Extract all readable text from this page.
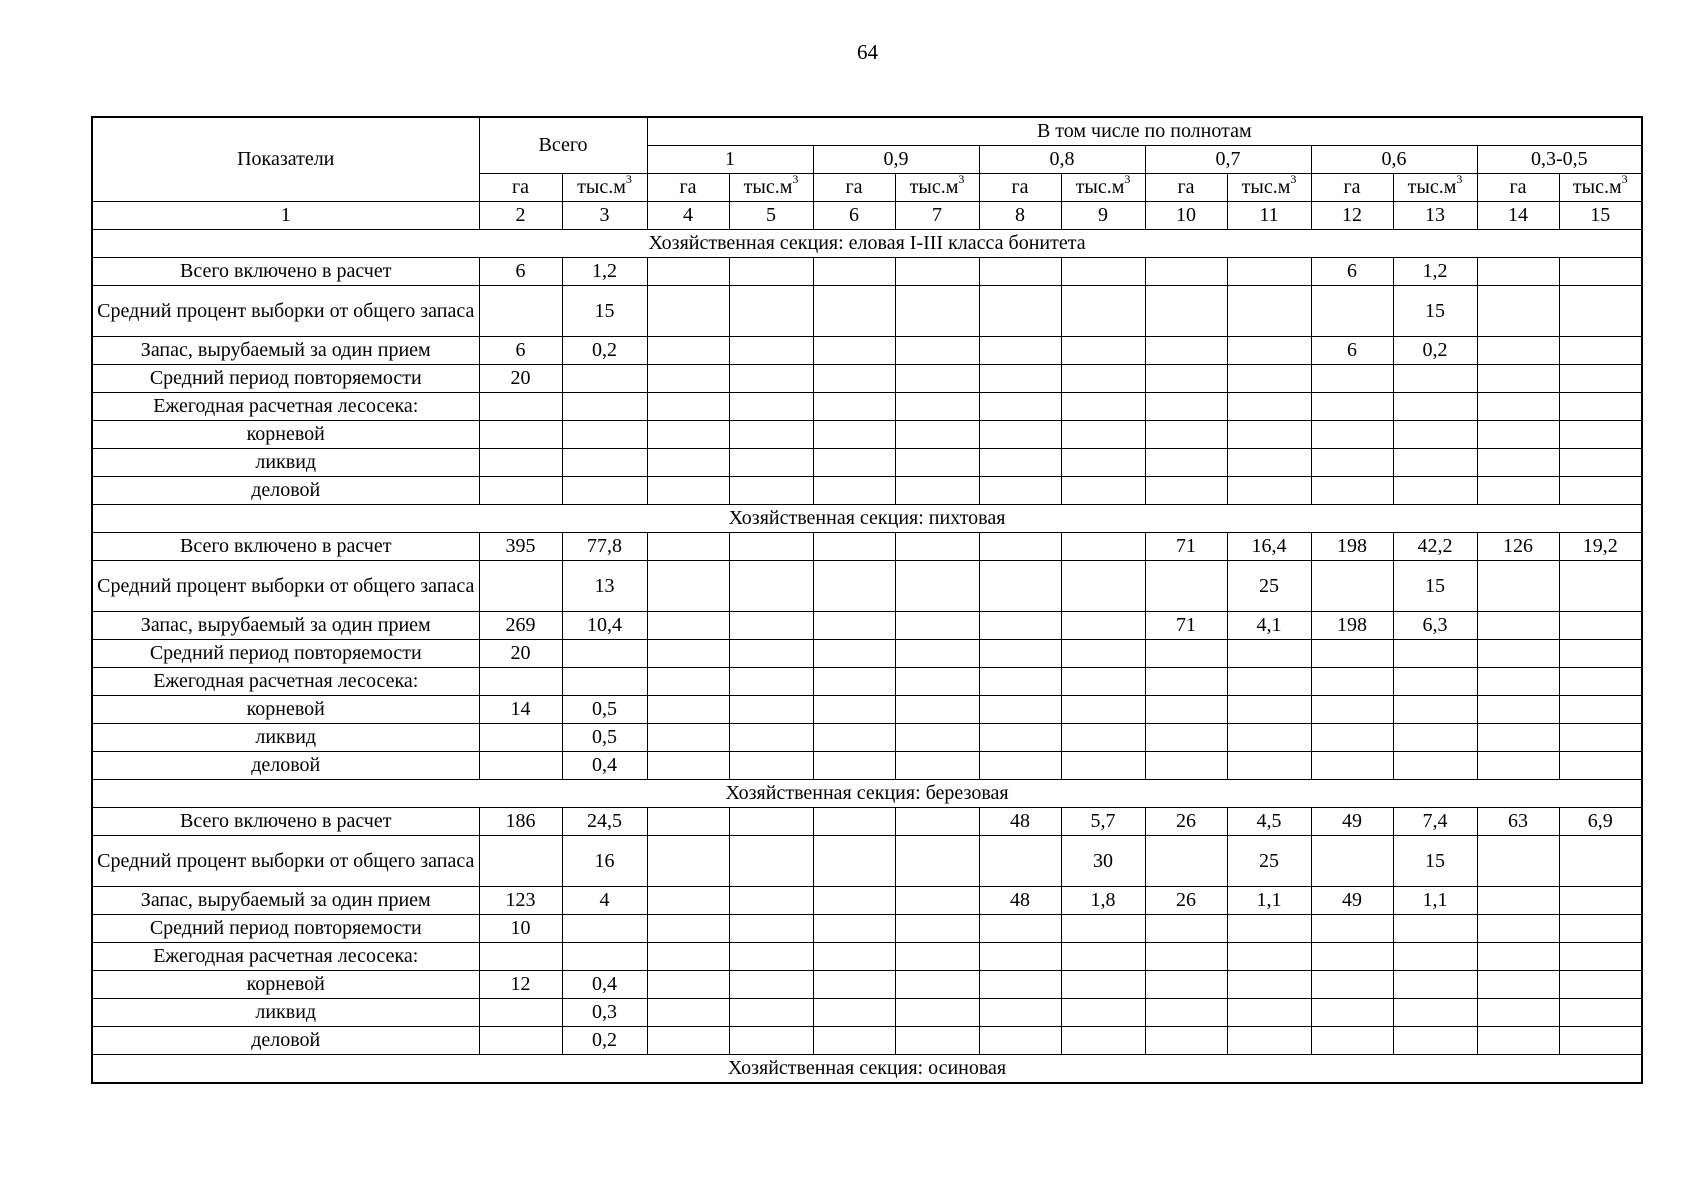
64
Показатели	Всего		В том числе по полнотам											
			1		0,9		0,8		0,7		0,6		0,3-0,5	
	га	$тыс.м^3$	га	$тыс.м^3$	га	$тыс.м^3$	га	$тыс.м^3$	га	$тыс.м^3$	га	$тыс.м^3$	га	$тыс.м^3$
1	2	3	4	5	6	7	8	9	10	11	12	13	14	15
Хозяйственная секция: еловая I-III класса бонитета														
Всего включено в расчет	6	1,2									6	1,2		
Средний процент выборки от общего запаса		15										15		
Запас, вырубаемый за один прием	6	0,2									6	0,2		
Средний период повторяемости	20													
Ежегодная расчетная лесосека:														
корневой														
ликвид														
деловой														
Хозяйственная секция: пихтовая														
Всего включено в расчет	395	77,8							71	16,4	198	42,2	126	19,2
Средний процент выборки от общего запаса		13								25		15		
Запас, вырубаемый за один прием	269	10,4							71	4,1	198	6,3		
Средний период повторяемости	20													
Ежегодная расчетная лесосека:														
корневой	14	0,5												
ликвид		0,5												
деловой		0,4												
Хозяйственная секция: березовая														
Всего включено в расчет	186	24,5					48	5,7	26	4,5	49	7,4	63	6,9
Средний процент выборки от общего запаса		16						30		25		15		
Запас, вырубаемый за один прием	123	4					48	1,8	26	1,1	49	1,1		
Средний период повторяемости	10													
Ежегодная расчетная лесосека:														
корневой	12	0,4												
ликвид		0,3												
деловой		0,2												
Хозяйственная секция: осиновая														
